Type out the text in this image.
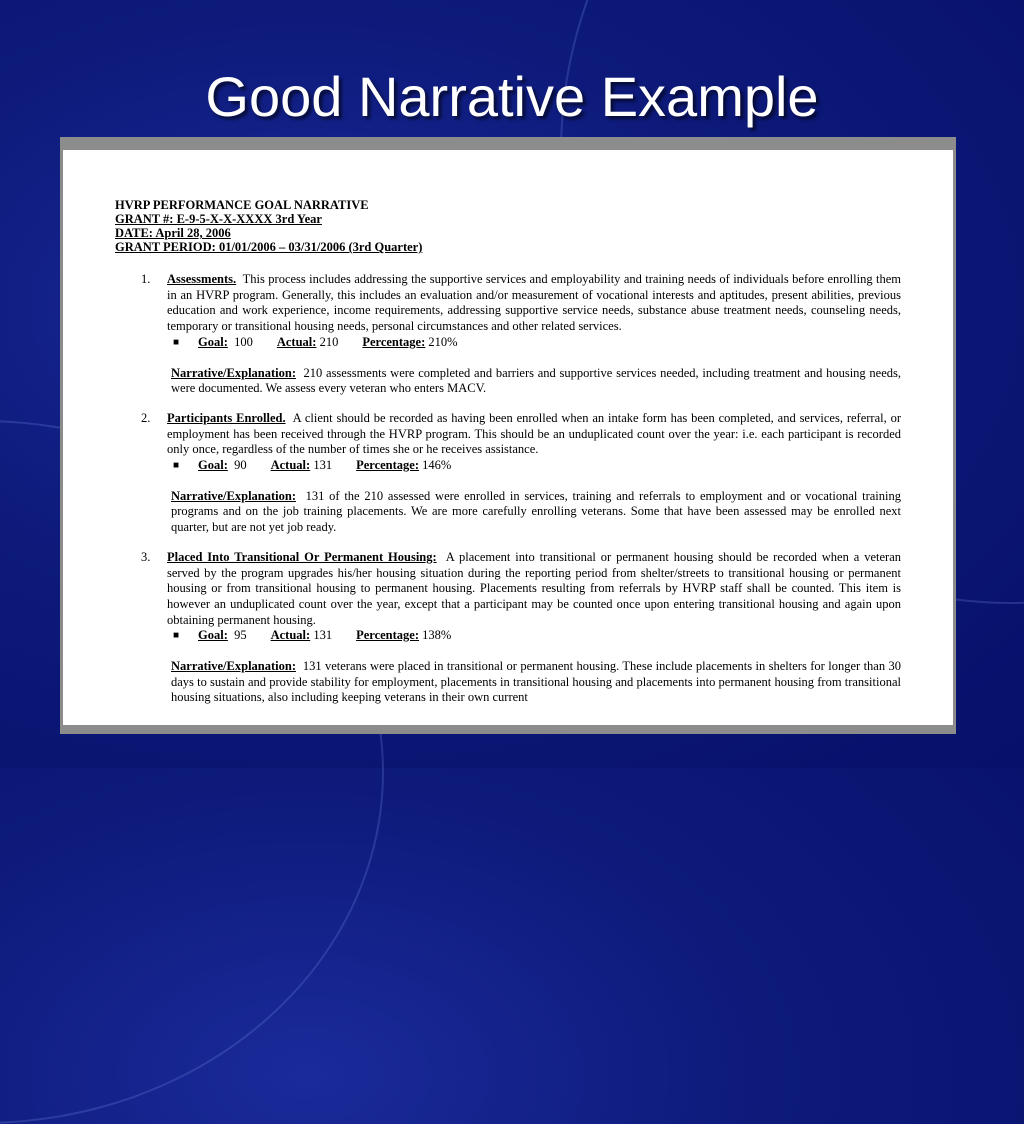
Good Narrative Example
HVRP PERFORMANCE GOAL NARRATIVE
GRANT #: E-9-5-X-X-XXXX 3rd Year
DATE: April 28, 2006
GRANT PERIOD: 01/01/2006 – 03/31/2006 (3rd Quarter)
1. Assessments. This process includes addressing the supportive services and employability and training needs of individuals before enrolling them in an HVRP program. Generally, this includes an evaluation and/or measurement of vocational interests and aptitudes, present abilities, previous education and work experience, income requirements, addressing supportive service needs, substance abuse treatment needs, counseling needs, temporary or transitional housing needs, personal circumstances and other related services.
■ Goal: 100 Actual: 210 Percentage: 210%
Narrative/Explanation: 210 assessments were completed and barriers and supportive services needed, including treatment and housing needs, were documented. We assess every veteran who enters MACV.
2. Participants Enrolled. A client should be recorded as having been enrolled when an intake form has been completed, and services, referral, or employment has been received through the HVRP program. This should be an unduplicated count over the year: i.e. each participant is recorded only once, regardless of the number of times she or he receives assistance.
■ Goal: 90 Actual: 131 Percentage: 146%
Narrative/Explanation: 131 of the 210 assessed were enrolled in services, training and referrals to employment and or vocational training programs and on the job training placements. We are more carefully enrolling veterans. Some that have been assessed may be enrolled next quarter, but are not yet job ready.
3. Placed Into Transitional Or Permanent Housing: A placement into transitional or permanent housing should be recorded when a veteran served by the program upgrades his/her housing situation during the reporting period from shelter/streets to transitional housing or permanent housing or from transitional housing to permanent housing. Placements resulting from referrals by HVRP staff shall be counted. This item is however an unduplicated count over the year, except that a participant may be counted once upon entering transitional housing and again upon obtaining permanent housing.
■ Goal: 95 Actual: 131 Percentage: 138%
Narrative/Explanation: 131 veterans were placed in transitional or permanent housing. These include placements in shelters for longer than 30 days to sustain and provide stability for employment, placements in transitional housing and placements into permanent housing from transitional housing situations, also including keeping veterans in their own current
